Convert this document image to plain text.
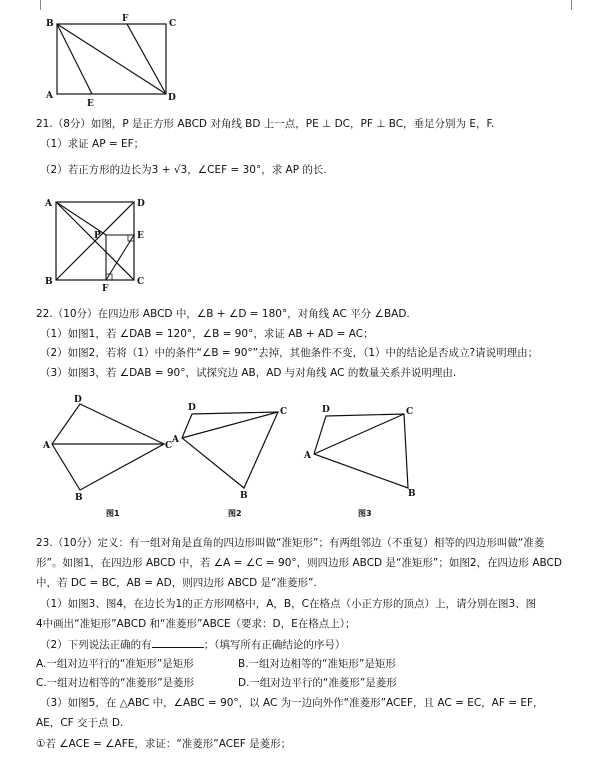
B	F	C
A
E
D
21.（8分）如图，P 是正方形 ABCD 对角线 BD 上一点，PE ⊥ DC，PF ⊥ BC，垂足分别为 E，F.
（1）求证 AP = EF；
（2）若正方形的边长为3 + √3，∠CEF = 30°，求 AP 的长.
A	D
P	E
B
F
C
22.（10分）在四边形 ABCD 中，∠B + ∠D = 180°，对角线 AC 平分 ∠BAD.
（1）如图1，若 ∠DAB = 120°，∠B = 90°，求证 AB + AD = AC；
（2）如图2，若将（1）中的条件“∠B = 90°”去掉，其他条件不变，（1）中的结论是否成立?请说明理由；
（3）如图3，若 ∠DAB = 90°，试探究边 AB，AD 与对角线 AC 的数量关系并说明理由.
D
A	C
B
图1
D	C
A
B
图2
D	C
A
B
图3
23.（10分）定义：有一组对角是直角的四边形叫做“准矩形”；有两组邻边（不重复）相等的四边形叫做“准菱
形”。如图1，在四边形 ABCD 中，若 ∠A = ∠C = 90°，则四边形 ABCD 是“准矩形”；如图2，在四边形 ABCD
中，若 DC = BC，AB = AD，则四边形 ABCD 是“准菱形”.
（1）如图3、图4，在边长为1的正方形网格中，A，B，C在格点（小正方形的顶点）上，请分别在图3、图
4中画出“准矩形”ABCD 和“准菱形”ABCE（要求：D，E在格点上）；
（2）下列说法正确的有	；（填写所有正确结论的序号）
A.一组对边平行的“准矩形”是矩形	B.一组对边相等的“准矩形”是矩形
C.一组对边相等的“准菱形”是菱形	D.一组对边平行的“准菱形”是菱形
（3）如图5，在 △ABC 中，∠ABC = 90°，以 AC 为一边向外作“准菱形”ACEF，且 AC = EC，AF = EF，
AE，CF 交于点 D.
①若 ∠ACE = ∠AFE，求证：“准菱形”ACEF 是菱形；
